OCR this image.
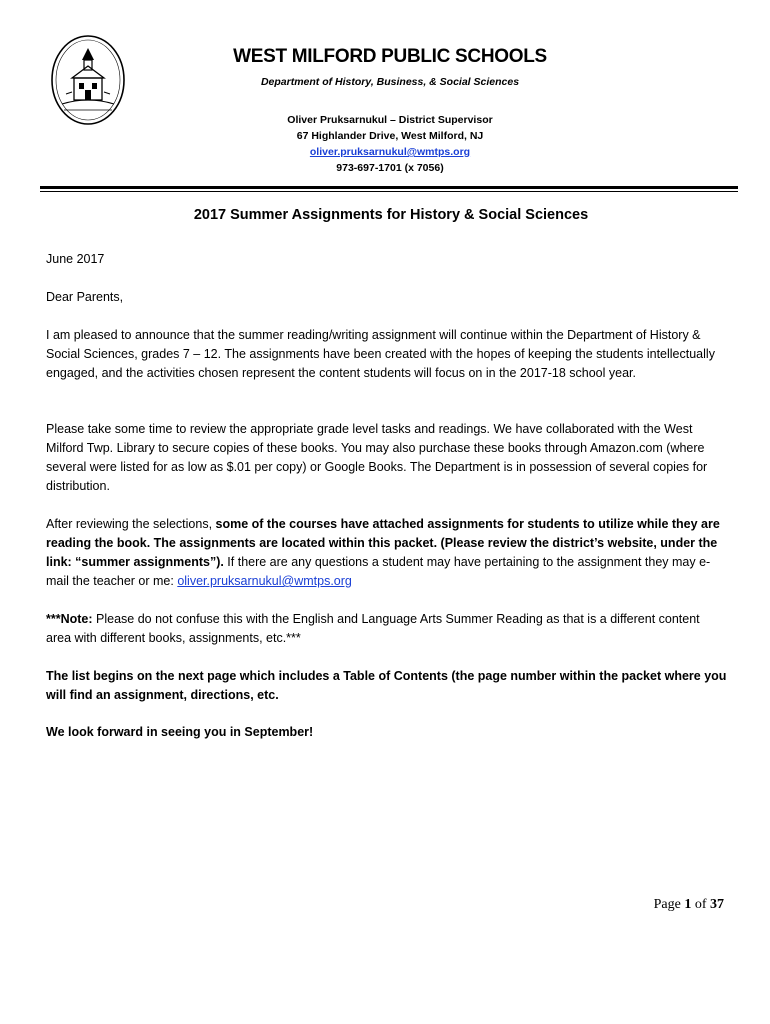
WEST MILFORD PUBLIC SCHOOLS
Department of History, Business, & Social Sciences
Oliver Pruksarnukul – District Supervisor
67 Highlander Drive, West Milford, NJ
oliver.pruksarnukul@wmtps.org
973-697-1701 (x 7056)
2017 Summer Assignments for History & Social Sciences
June 2017
Dear Parents,
I am pleased to announce that the summer reading/writing assignment will continue within the Department of History & Social Sciences, grades 7 – 12. The assignments have been created with the hopes of keeping the students intellectually engaged, and the activities chosen represent the content students will focus on in the 2017-18 school year.
Please take some time to review the appropriate grade level tasks and readings. We have collaborated with the West Milford Twp. Library to secure copies of these books. You may also purchase these books through Amazon.com (where several were listed for as low as $.01 per copy) or Google Books. The Department is in possession of several copies for distribution.
After reviewing the selections, some of the courses have attached assignments for students to utilize while they are reading the book. The assignments are located within this packet. (Please review the district’s website, under the link: “summer assignments”). If there are any questions a student may have pertaining to the assignment they may e-mail the teacher or me: oliver.pruksarnukul@wmtps.org
***Note: Please do not confuse this with the English and Language Arts Summer Reading as that is a different content area with different books, assignments, etc.***
The list begins on the next page which includes a Table of Contents (the page number within the packet where you will find an assignment, directions, etc.
We look forward in seeing you in September!
Page 1 of 37
